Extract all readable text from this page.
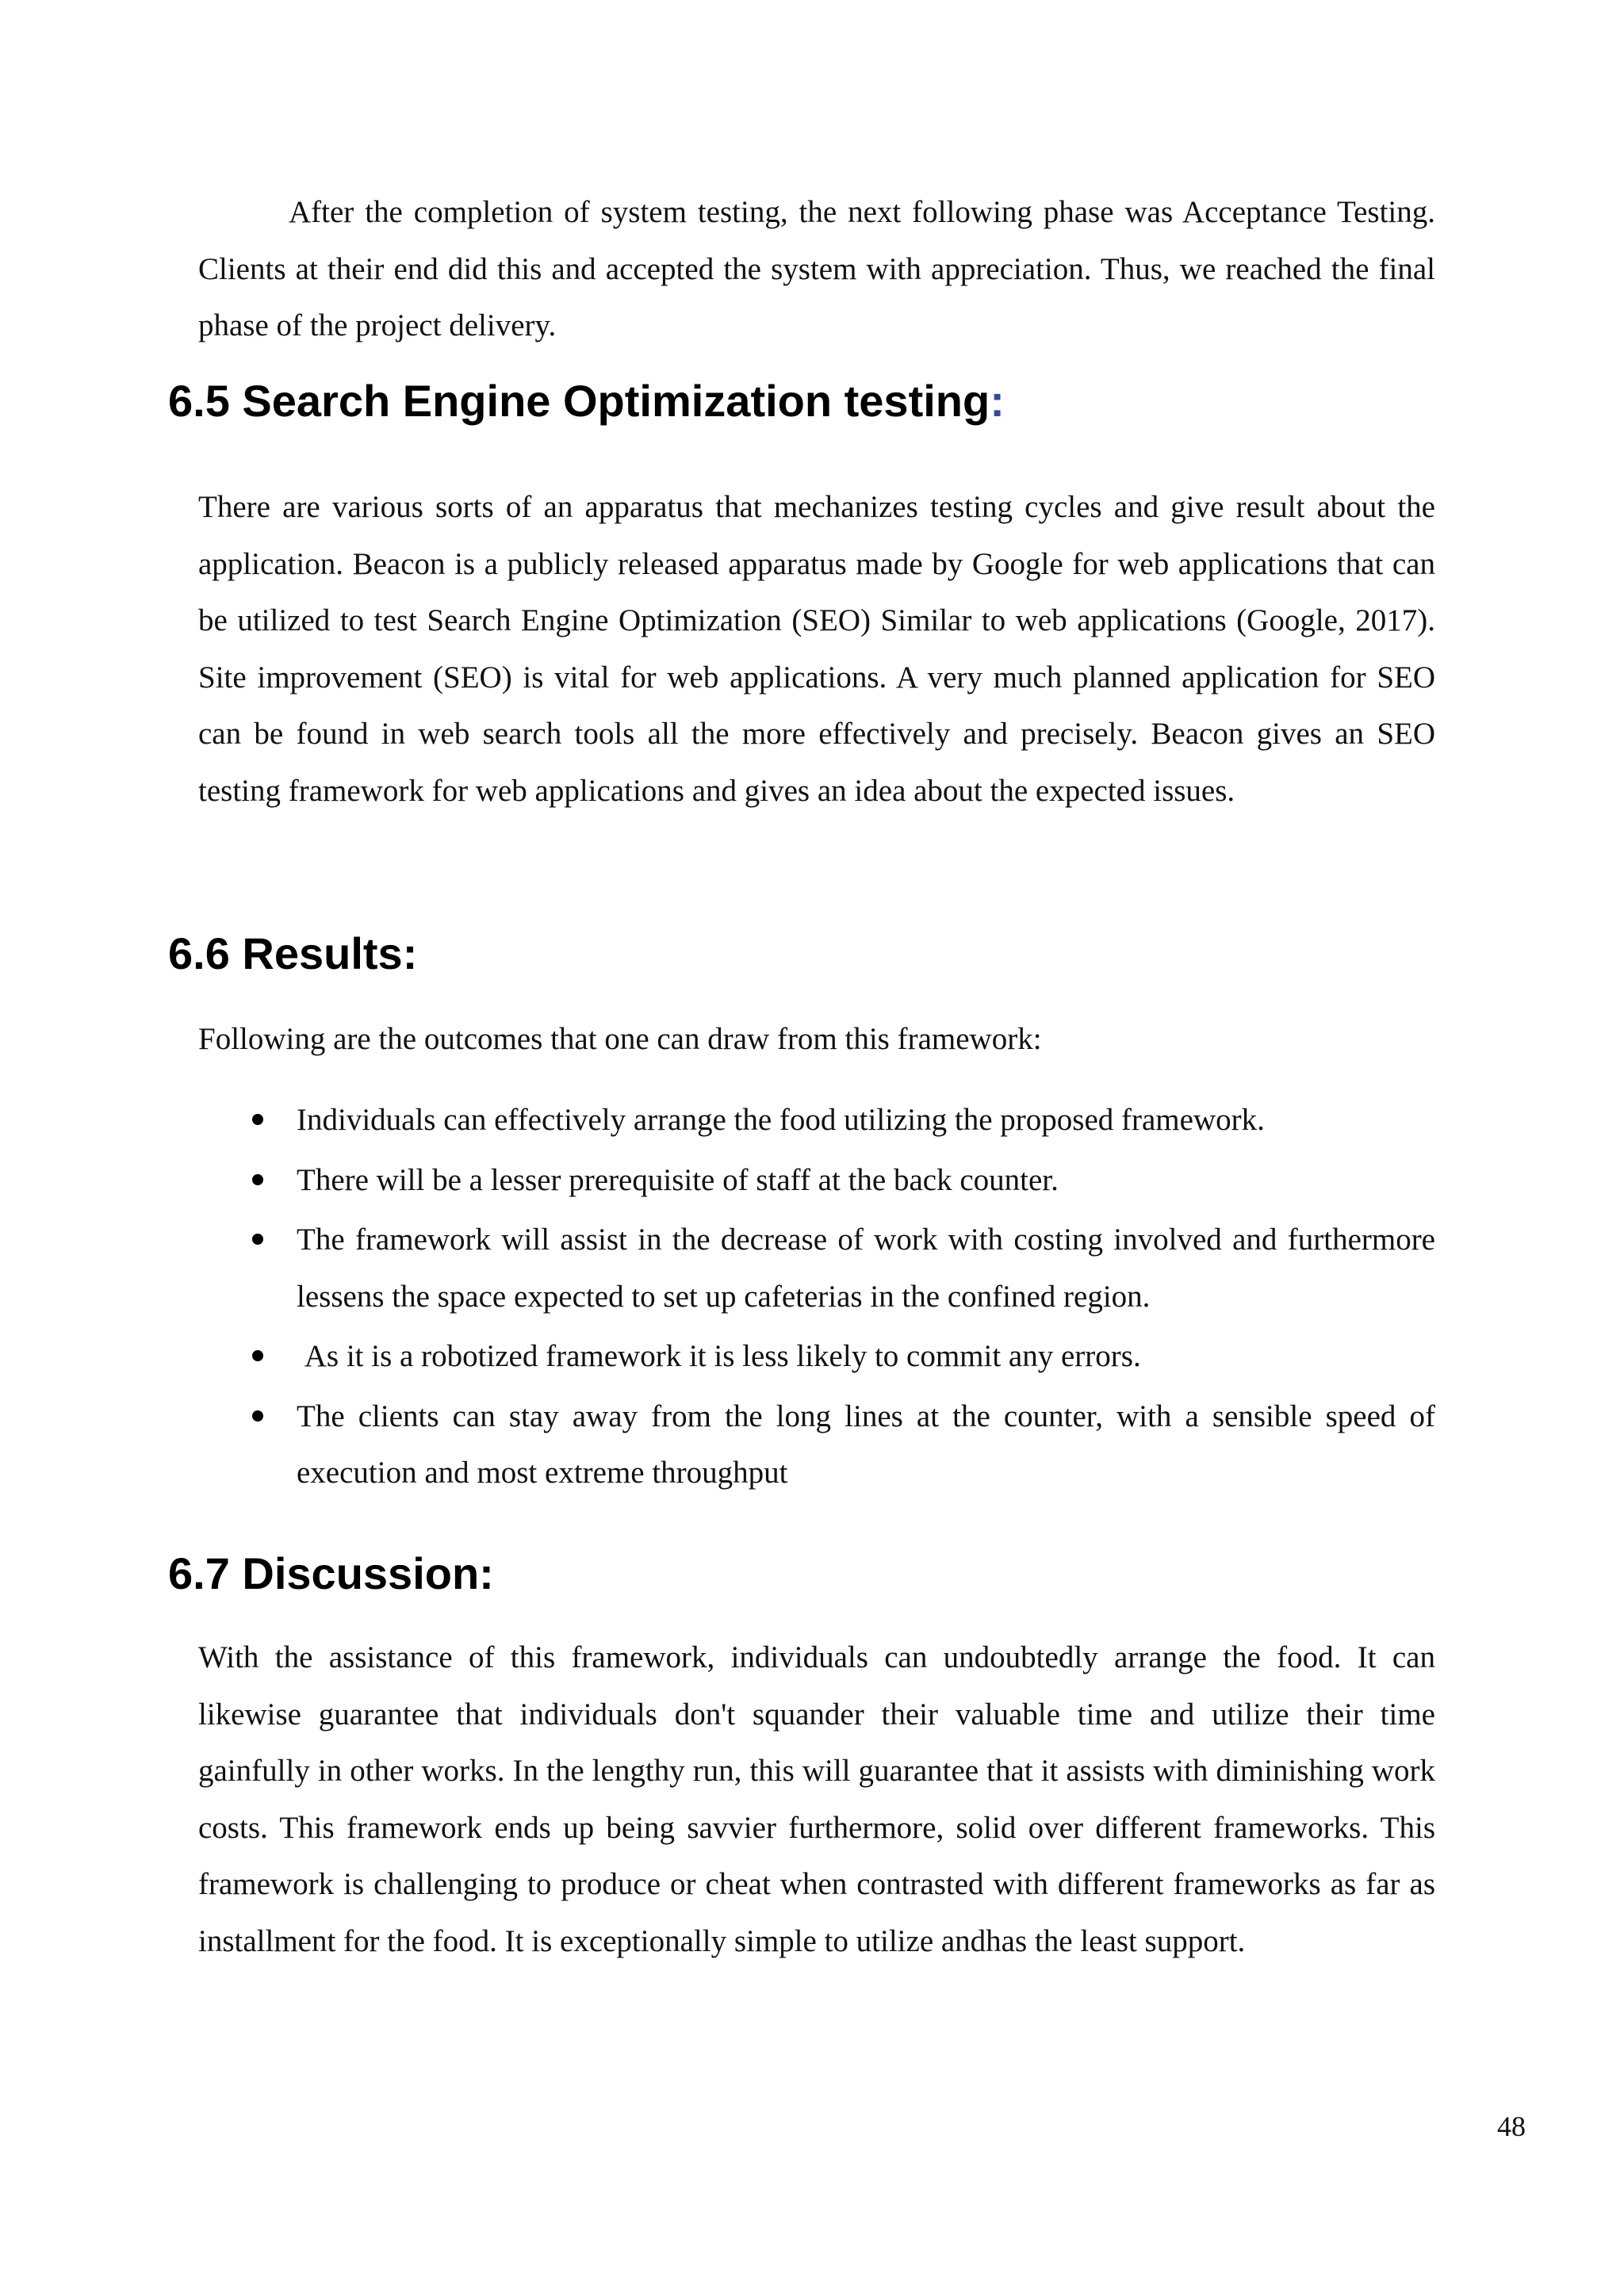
After the completion of system testing, the next following phase was Acceptance Testing. Clients at their end did this and accepted the system with appreciation. Thus, we reached the final phase of the project delivery.

6.5 Search Engine Optimization testing:

There are various sorts of an apparatus that mechanizes testing cycles and give result about the application. Beacon is a publicly released apparatus made by Google for web applications that can be utilized to test Search Engine Optimization (SEO) Similar to web applications (Google, 2017). Site improvement (SEO) is vital for web applications. A very much planned application for SEO can be found in web search tools all the more effectively and precisely. Beacon gives an SEO testing framework for web applications and gives an idea about the expected issues.

6.6 Results:

Following are the outcomes that one can draw from this framework:

Individuals can effectively arrange the food utilizing the proposed framework.
There will be a lesser prerequisite of staff at the back counter.
The framework will assist in the decrease of work with costing involved and furthermore lessens the space expected to set up cafeterias in the confined region.
As it is a robotized framework it is less likely to commit any errors.
The clients can stay away from the long lines at the counter, with a sensible speed of execution and most extreme throughput
6.7 Discussion:

With the assistance of this framework, individuals can undoubtedly arrange the food. It can likewise guarantee that individuals don't squander their valuable time and utilize their time gainfully in other works. In the lengthy run, this will guarantee that it assists with diminishing work costs. This framework ends up being savvier furthermore, solid over different frameworks. This framework is challenging to produce or cheat when contrasted with different frameworks as far as installment for the food. It is exceptionally simple to utilize andhas the least support.

48
